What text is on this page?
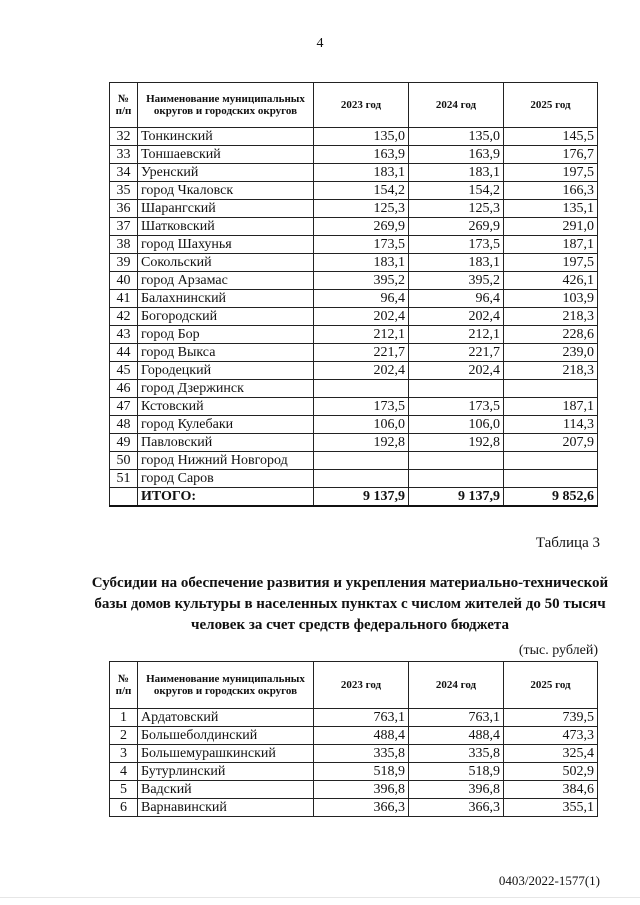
4
№ п/п	Наименование муниципальных округов и городских округов	2023 год	2024 год	2025 год
32	Тонкинский	135,0	135,0	145,5
33	Тоншаевский	163,9	163,9	176,7
34	Уренский	183,1	183,1	197,5
35	город Чкаловск	154,2	154,2	166,3
36	Шарангский	125,3	125,3	135,1
37	Шатковский	269,9	269,9	291,0
38	город Шахунья	173,5	173,5	187,1
39	Сокольский	183,1	183,1	197,5
40	город Арзамас	395,2	395,2	426,1
41	Балахнинский	96,4	96,4	103,9
42	Богородский	202,4	202,4	218,3
43	город Бор	212,1	212,1	228,6
44	город Выкса	221,7	221,7	239,0
45	Городецкий	202,4	202,4	218,3
46	город Дзержинск			
47	Кстовский	173,5	173,5	187,1
48	город Кулебаки	106,0	106,0	114,3
49	Павловский	192,8	192,8	207,9
50	город Нижний Новгород			
51	город Саров			
	ИТОГО:	9 137,9	9 137,9	9 852,6
Таблица 3
Субсидии на обеспечение развития и укрепления материально-технической базы домов культуры в населенных пунктах с числом жителей до 50 тысяч человек за счет средств федерального бюджета
(тыс. рублей)
№ п/п	Наименование муниципальных округов и городских округов	2023 год	2024 год	2025 год
1	Ардатовский	763,1	763,1	739,5
2	Большеболдинский	488,4	488,4	473,3
3	Большемурашкинский	335,8	335,8	325,4
4	Бутурлинский	518,9	518,9	502,9
5	Вадский	396,8	396,8	384,6
6	Варнавинский	366,3	366,3	355,1
0403/2022-1577(1)
